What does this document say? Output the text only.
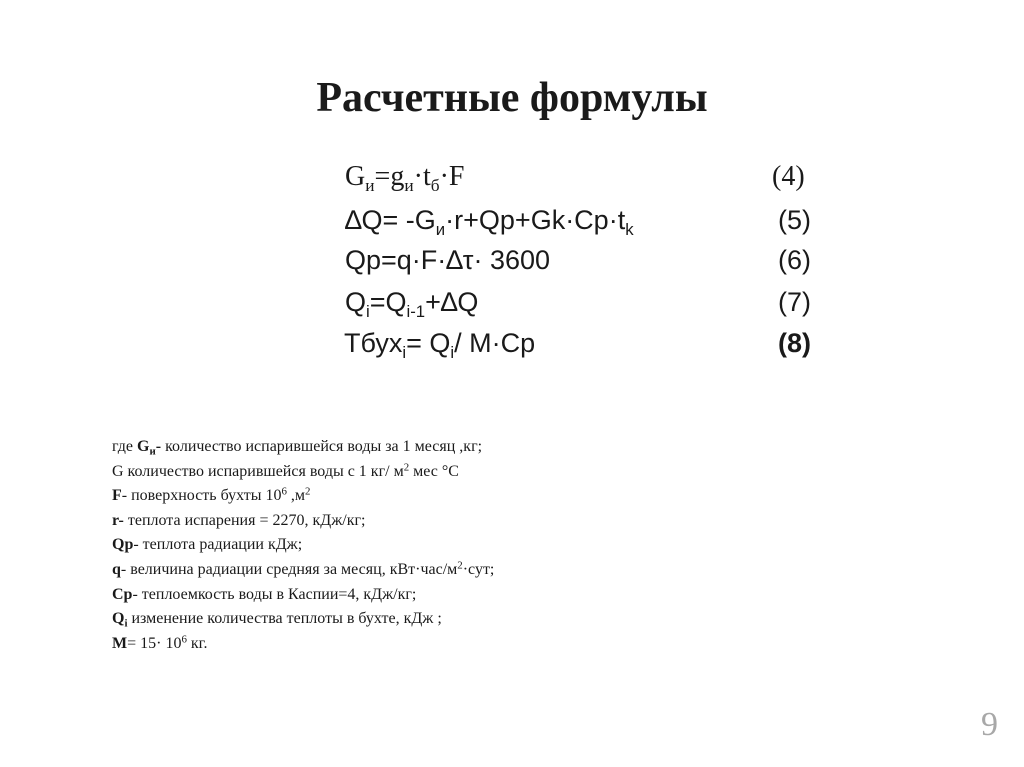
Расчетные формулы
$G_и=g_и\cdot t_б\cdot F$	(4)
$\Delta Q= -G_и\cdot r+Qp+Gk\cdot Cp\cdot t_k$	(5)
Qp=q·F·∆τ· 3600	(6)
$Q_i=Q_{i-1}+\Delta Q$	(7)
Тбух$_i$= $Q_i/$ М·Ср	(8)
где $G_и-$ количество испарившейся воды за 1 месяц ,кг;
G количество испарившейся воды с 1 кг/ $м^2$ мес °С
F- поверхность бухты $10^6$ $,м^2$
r- теплота испарения = 2270, кДж/кг;
Qp- теплота радиации кДж;
q- величина радиации средняя за месяц, $кВт\cdot час/м^2\cdot сут$;
Ср- теплоемкость воды в Каспии=4, кДж/кг;
$Q_i$ изменение количества теплоты в бухте, кДж ;
$М= 15\cdot 10^6$ кг.
9
